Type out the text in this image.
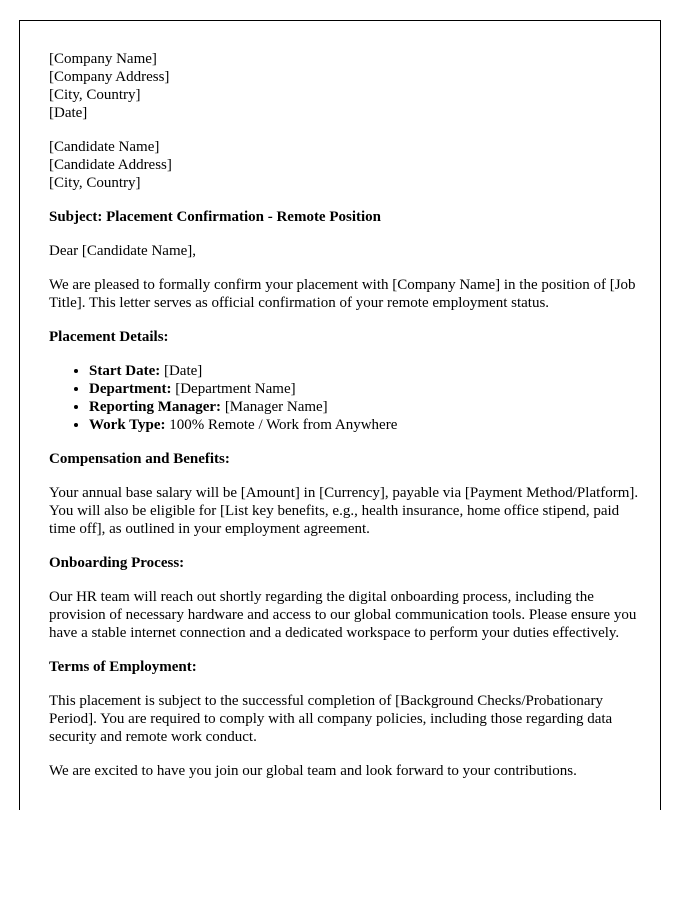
[Company Name]
[Company Address]
[City, Country]
[Date]
[Candidate Name]
[Candidate Address]
[City, Country]

Subject: Placement Confirmation - Remote Position

Dear [Candidate Name],

We are pleased to formally confirm your placement with [Company Name] in the position of [Job Title]. This letter serves as official confirmation of your remote employment status.

Placement Details:

• Start Date: [Date]
• Department: [Department Name]
• Reporting Manager: [Manager Name]
• Work Type: 100% Remote / Work from Anywhere

Compensation and Benefits:

Your annual base salary will be [Amount] in [Currency], payable via [Payment Method/Platform]. You will also be eligible for [List key benefits, e.g., health insurance, home office stipend, paid time off], as outlined in your employment agreement.

Onboarding Process:

Our HR team will reach out shortly regarding the digital onboarding process, including the provision of necessary hardware and access to our global communication tools. Please ensure you have a stable internet connection and a dedicated workspace to perform your duties effectively.

Terms of Employment:

This placement is subject to the successful completion of [Background Checks/Probationary Period]. You are required to comply with all company policies, including those regarding data security and remote work conduct.

We are excited to have you join our global team and look forward to your contributions.
